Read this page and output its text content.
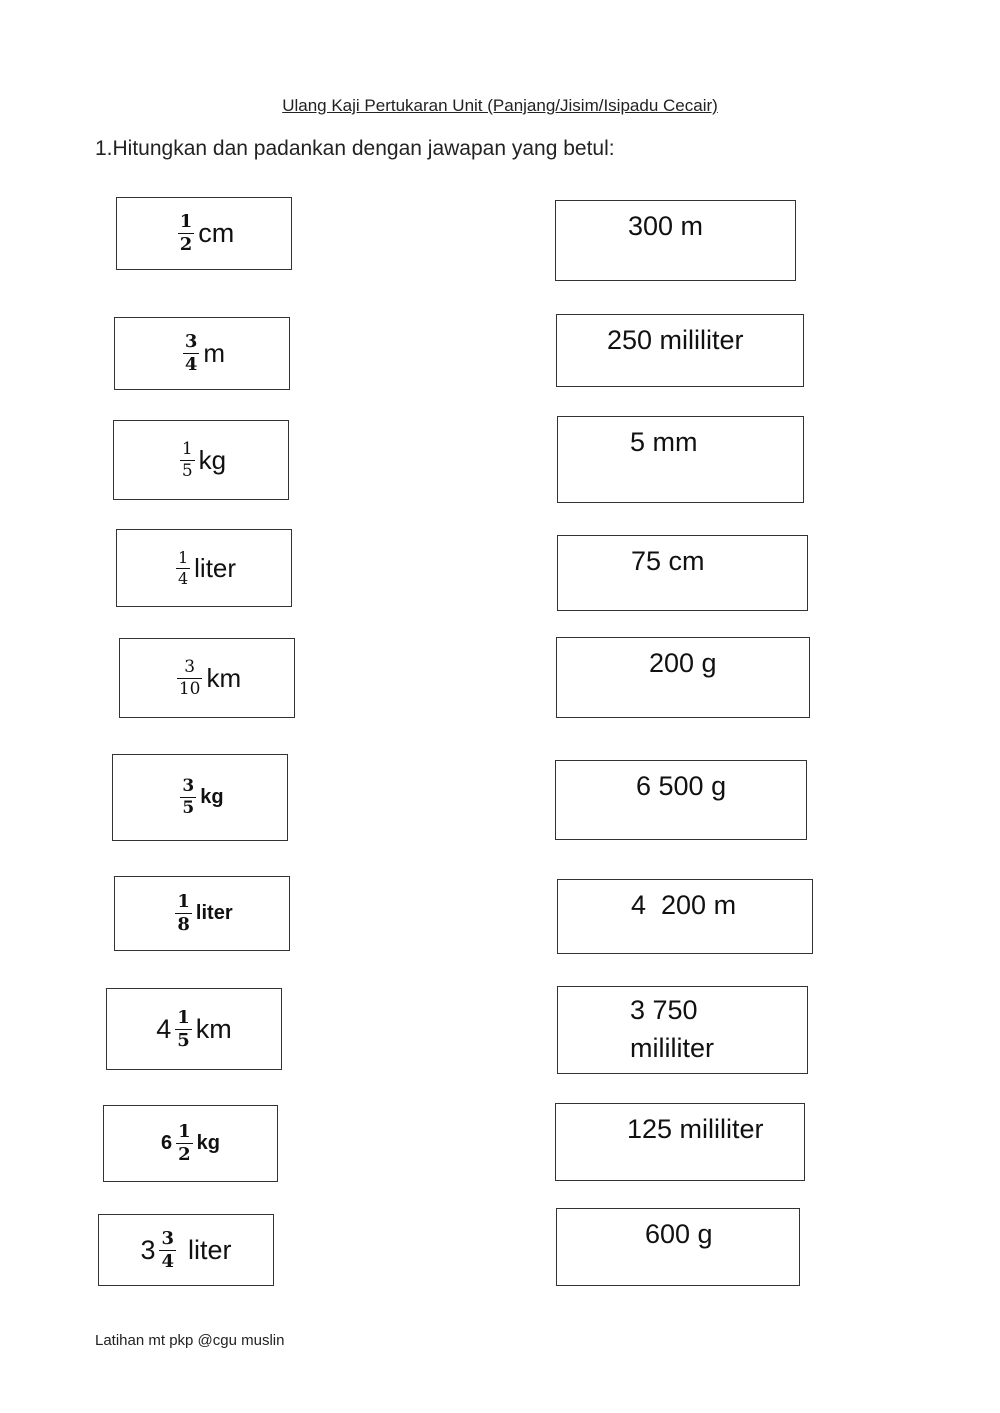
Ulang Kaji Pertukaran Unit (Panjang/Jisim/Isipadu Cecair)
1.Hitungkan dan padankan dengan jawapan yang betul:
$\frac{1}{2}$ cm
$\frac{3}{4}$ m
$\frac{1}{5}$ kg
$\frac{1}{4}$ liter
$\frac{3}{10}$ km
$\frac{3}{5}$ kg
$\frac{1}{8}$ liter
$4 \frac{1}{5}$ km
$6 \frac{1}{2}$ kg
$3 \frac{3}{4}$ liter
300 m
250 mililiter
5 mm
75 cm
200 g
6 500 g
4  200 m
3 750
mililiter
125 mililiter
600 g
Latihan mt pkp @cgu muslin
